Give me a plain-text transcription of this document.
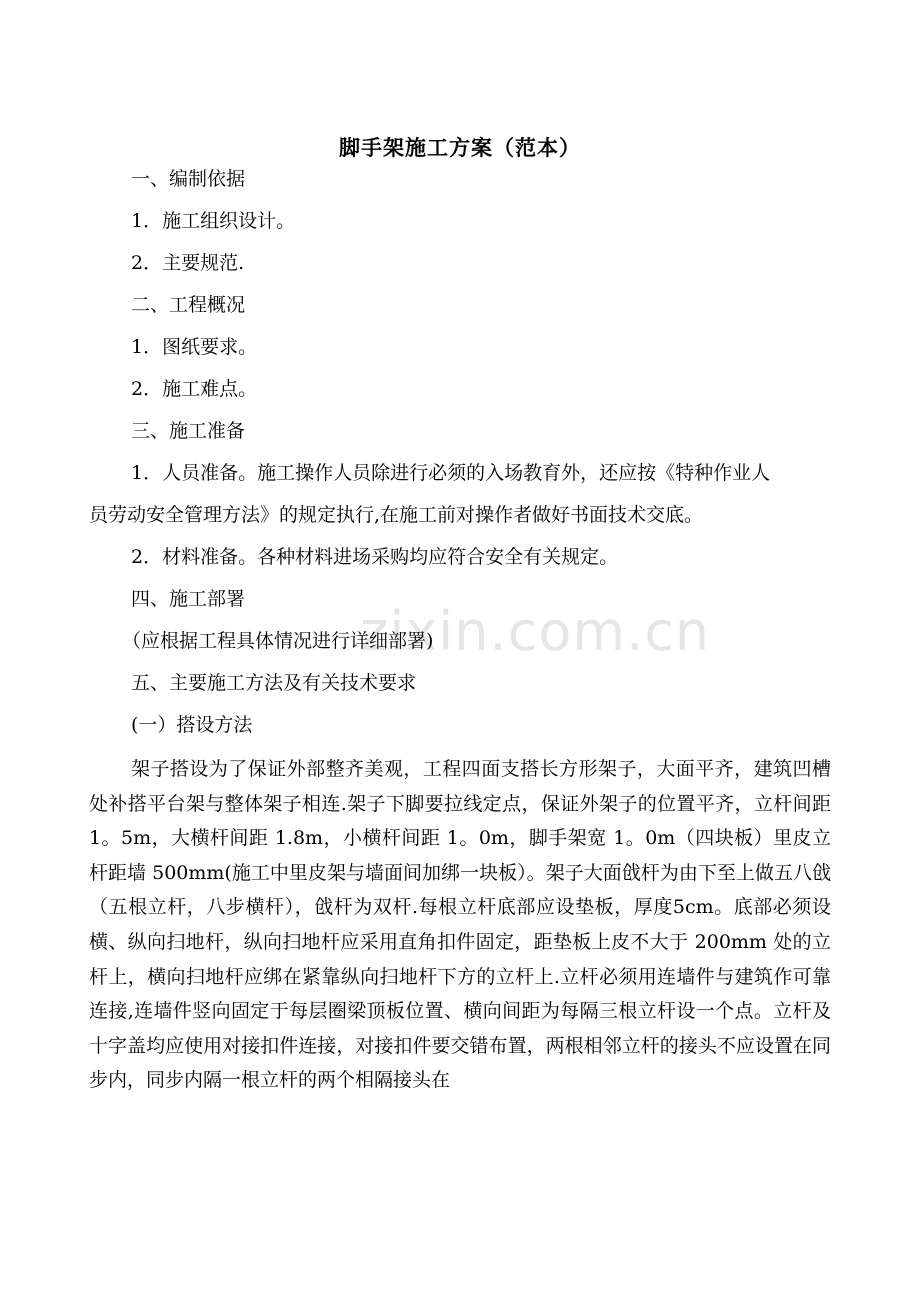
zixin.com.cn
脚手架施工方案（范本）
一、编制依据
1．施工组织设计。
2．主要规范.
二、工程概况
1．图纸要求。
2．施工难点。
三、施工准备
1．人员准备。施工操作人员除进行必须的入场教育外，还应按《特种作业人
员劳动安全管理方法》的规定执行,在施工前对操作者做好书面技术交底。
2．材料准备。各种材料进场采购均应符合安全有关规定。
四、施工部署
（应根据工程具体情况进行详细部署)
五、主要施工方法及有关技术要求
(一）搭设方法
架子搭设为了保证外部整齐美观，工程四面支搭长方形架子，大面平齐，建筑凹槽处补搭平台架与整体架子相连.架子下脚要拉线定点，保证外架子的位置平齐，立杆间距 1。5m，大横杆间距 1.8m，小横杆间距 1。0m，脚手架宽 1。0m（四块板）里皮立杆距墙 500mm(施工中里皮架与墙面间加绑一块板）。架子大面戗杆为由下至上做五八戗（五根立杆，八步横杆），戗杆为双杆.每根立杆底部应设垫板，厚度5cm。底部必须设横、纵向扫地杆，纵向扫地杆应采用直角扣件固定，距垫板上皮不大于 200mm 处的立杆上，横向扫地杆应绑在紧靠纵向扫地杆下方的立杆上.立杆必须用连墙件与建筑作可靠连接,连墙件竖向固定于每层圈梁顶板位置、横向间距为每隔三根立杆设一个点。立杆及十字盖均应使用对接扣件连接，对接扣件要交错布置，两根相邻立杆的接头不应设置在同步内，同步内隔一根立杆的两个相隔接头在
